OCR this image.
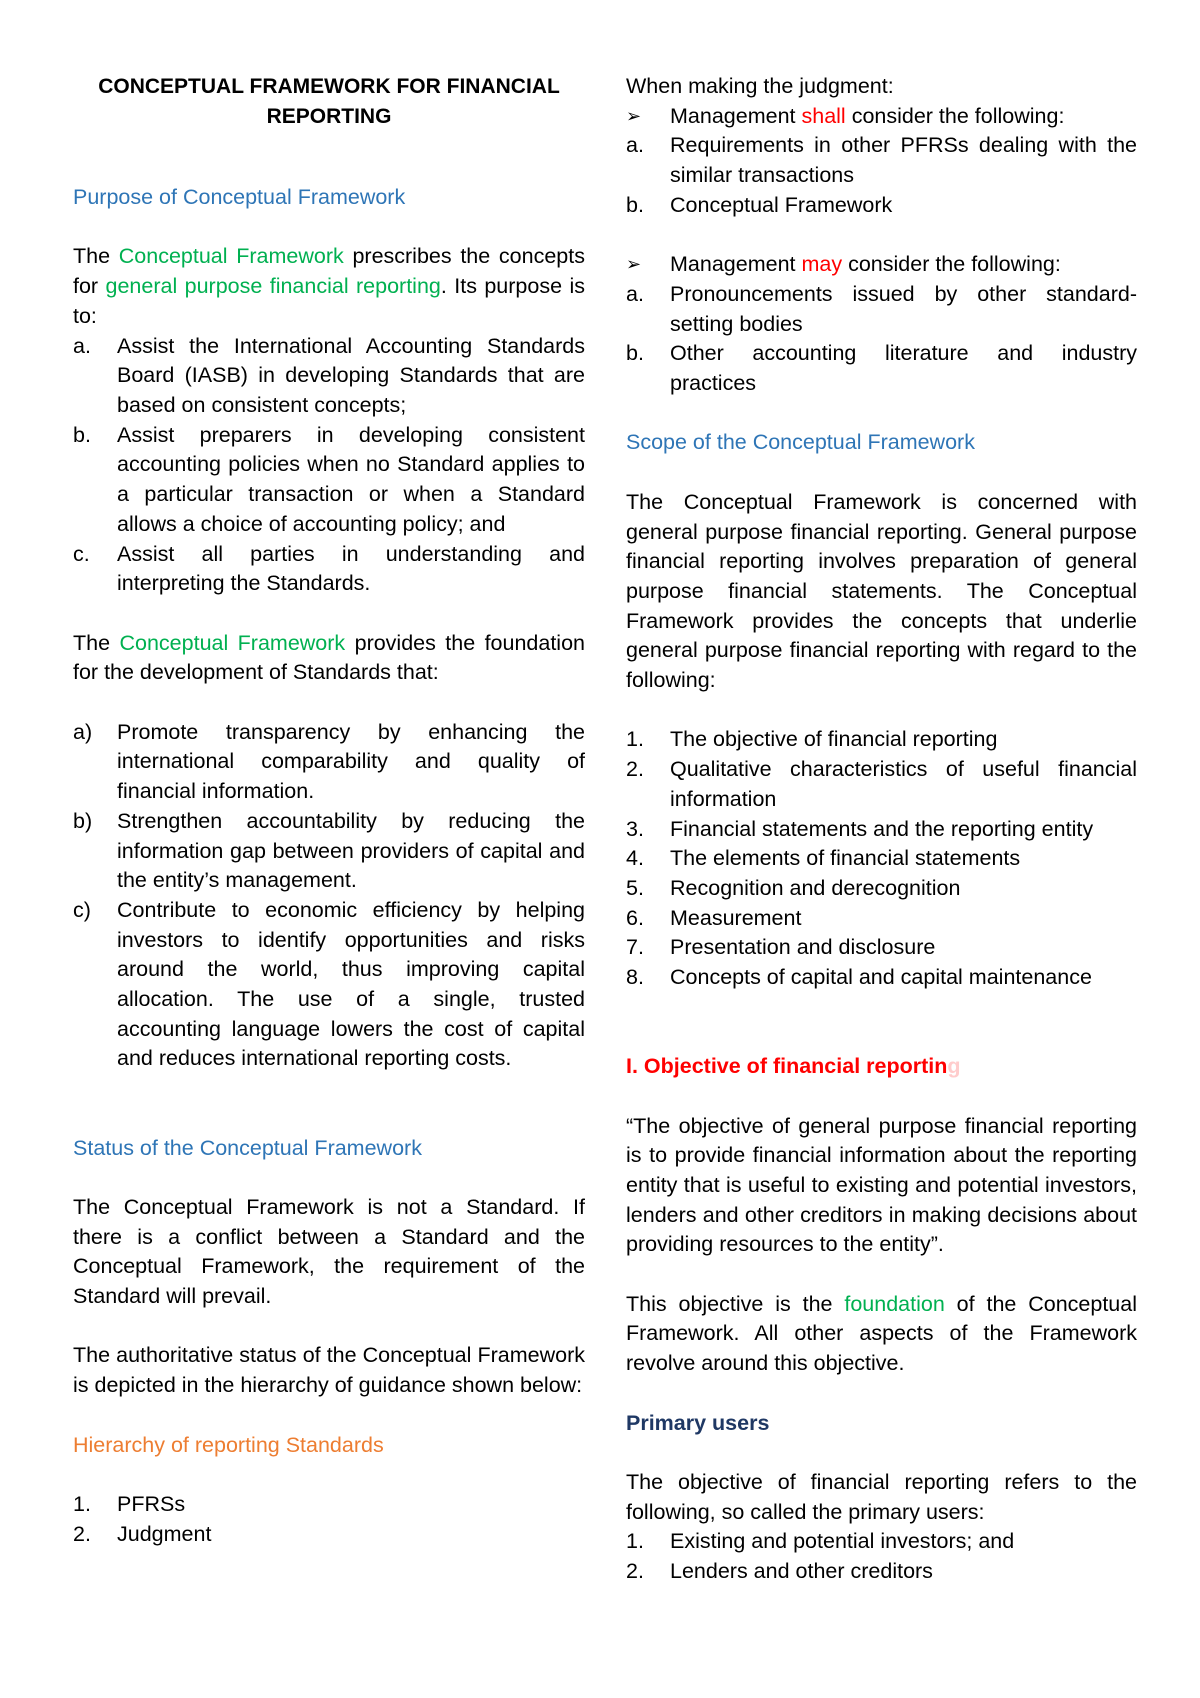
CONCEPTUAL FRAMEWORK FOR FINANCIAL
REPORTING

Purpose of Conceptual Framework

The Conceptual Framework prescribes the concepts for general purpose financial reporting. Its purpose is to:

a.	Assist the International Accounting Standards Board (IASB) in developing Standards that are based on consistent concepts;
b.	Assist preparers in developing consistent accounting policies when no Standard applies to a particular transaction or when a Standard allows a choice of accounting policy; and
c.	Assist all parties in understanding and interpreting the Standards.

The Conceptual Framework provides the foundation for the development of Standards that:

a)	Promote transparency by enhancing the international comparability and quality of financial information.
b)	Strengthen accountability by reducing the information gap between providers of capital and the entity’s management.
c)	Contribute to economic efficiency by helping investors to identify opportunities and risks around the world, thus improving capital allocation. The use of a single, trusted accounting language lowers the cost of capital and reduces international reporting costs.

Status of the Conceptual Framework

The Conceptual Framework is not a Standard. If there is a conflict between a Standard and the Conceptual Framework, the requirement of the Standard will prevail.

The authoritative status of the Conceptual Framework is depicted in the hierarchy of guidance shown below:

Hierarchy of reporting Standards

1.	PFRSs
2.	Judgment

When making the judgment:

➢	Management shall consider the following:
a.	Requirements in other PFRSs dealing with the similar transactions
b.	Conceptual Framework
➢	Management may consider the following:
a.	Pronouncements issued by other standard-setting bodies
b.	Other accounting literature and industry practices

Scope of the Conceptual Framework

The Conceptual Framework is concerned with general purpose financial reporting. General purpose financial reporting involves preparation of general purpose financial statements. The Conceptual Framework provides the concepts that underlie general purpose financial reporting with regard to the following:

1.	The objective of financial reporting
2.	Qualitative characteristics of useful financial information
3.	Financial statements and the reporting entity
4.	The elements of financial statements
5.	Recognition and derecognition
6.	Measurement
7.	Presentation and disclosure
8.	Concepts of capital and capital maintenance

I. Objective of financial reporting

“The objective of general purpose financial reporting is to provide financial information about the reporting entity that is useful to existing and potential investors, lenders and other creditors in making decisions about providing resources to the entity”.

This objective is the foundation of the Conceptual Framework. All other aspects of the Framework revolve around this objective.

Primary users

The objective of financial reporting refers to the following, so called the primary users:

1.	Existing and potential investors; and
2.	Lenders and other creditors
